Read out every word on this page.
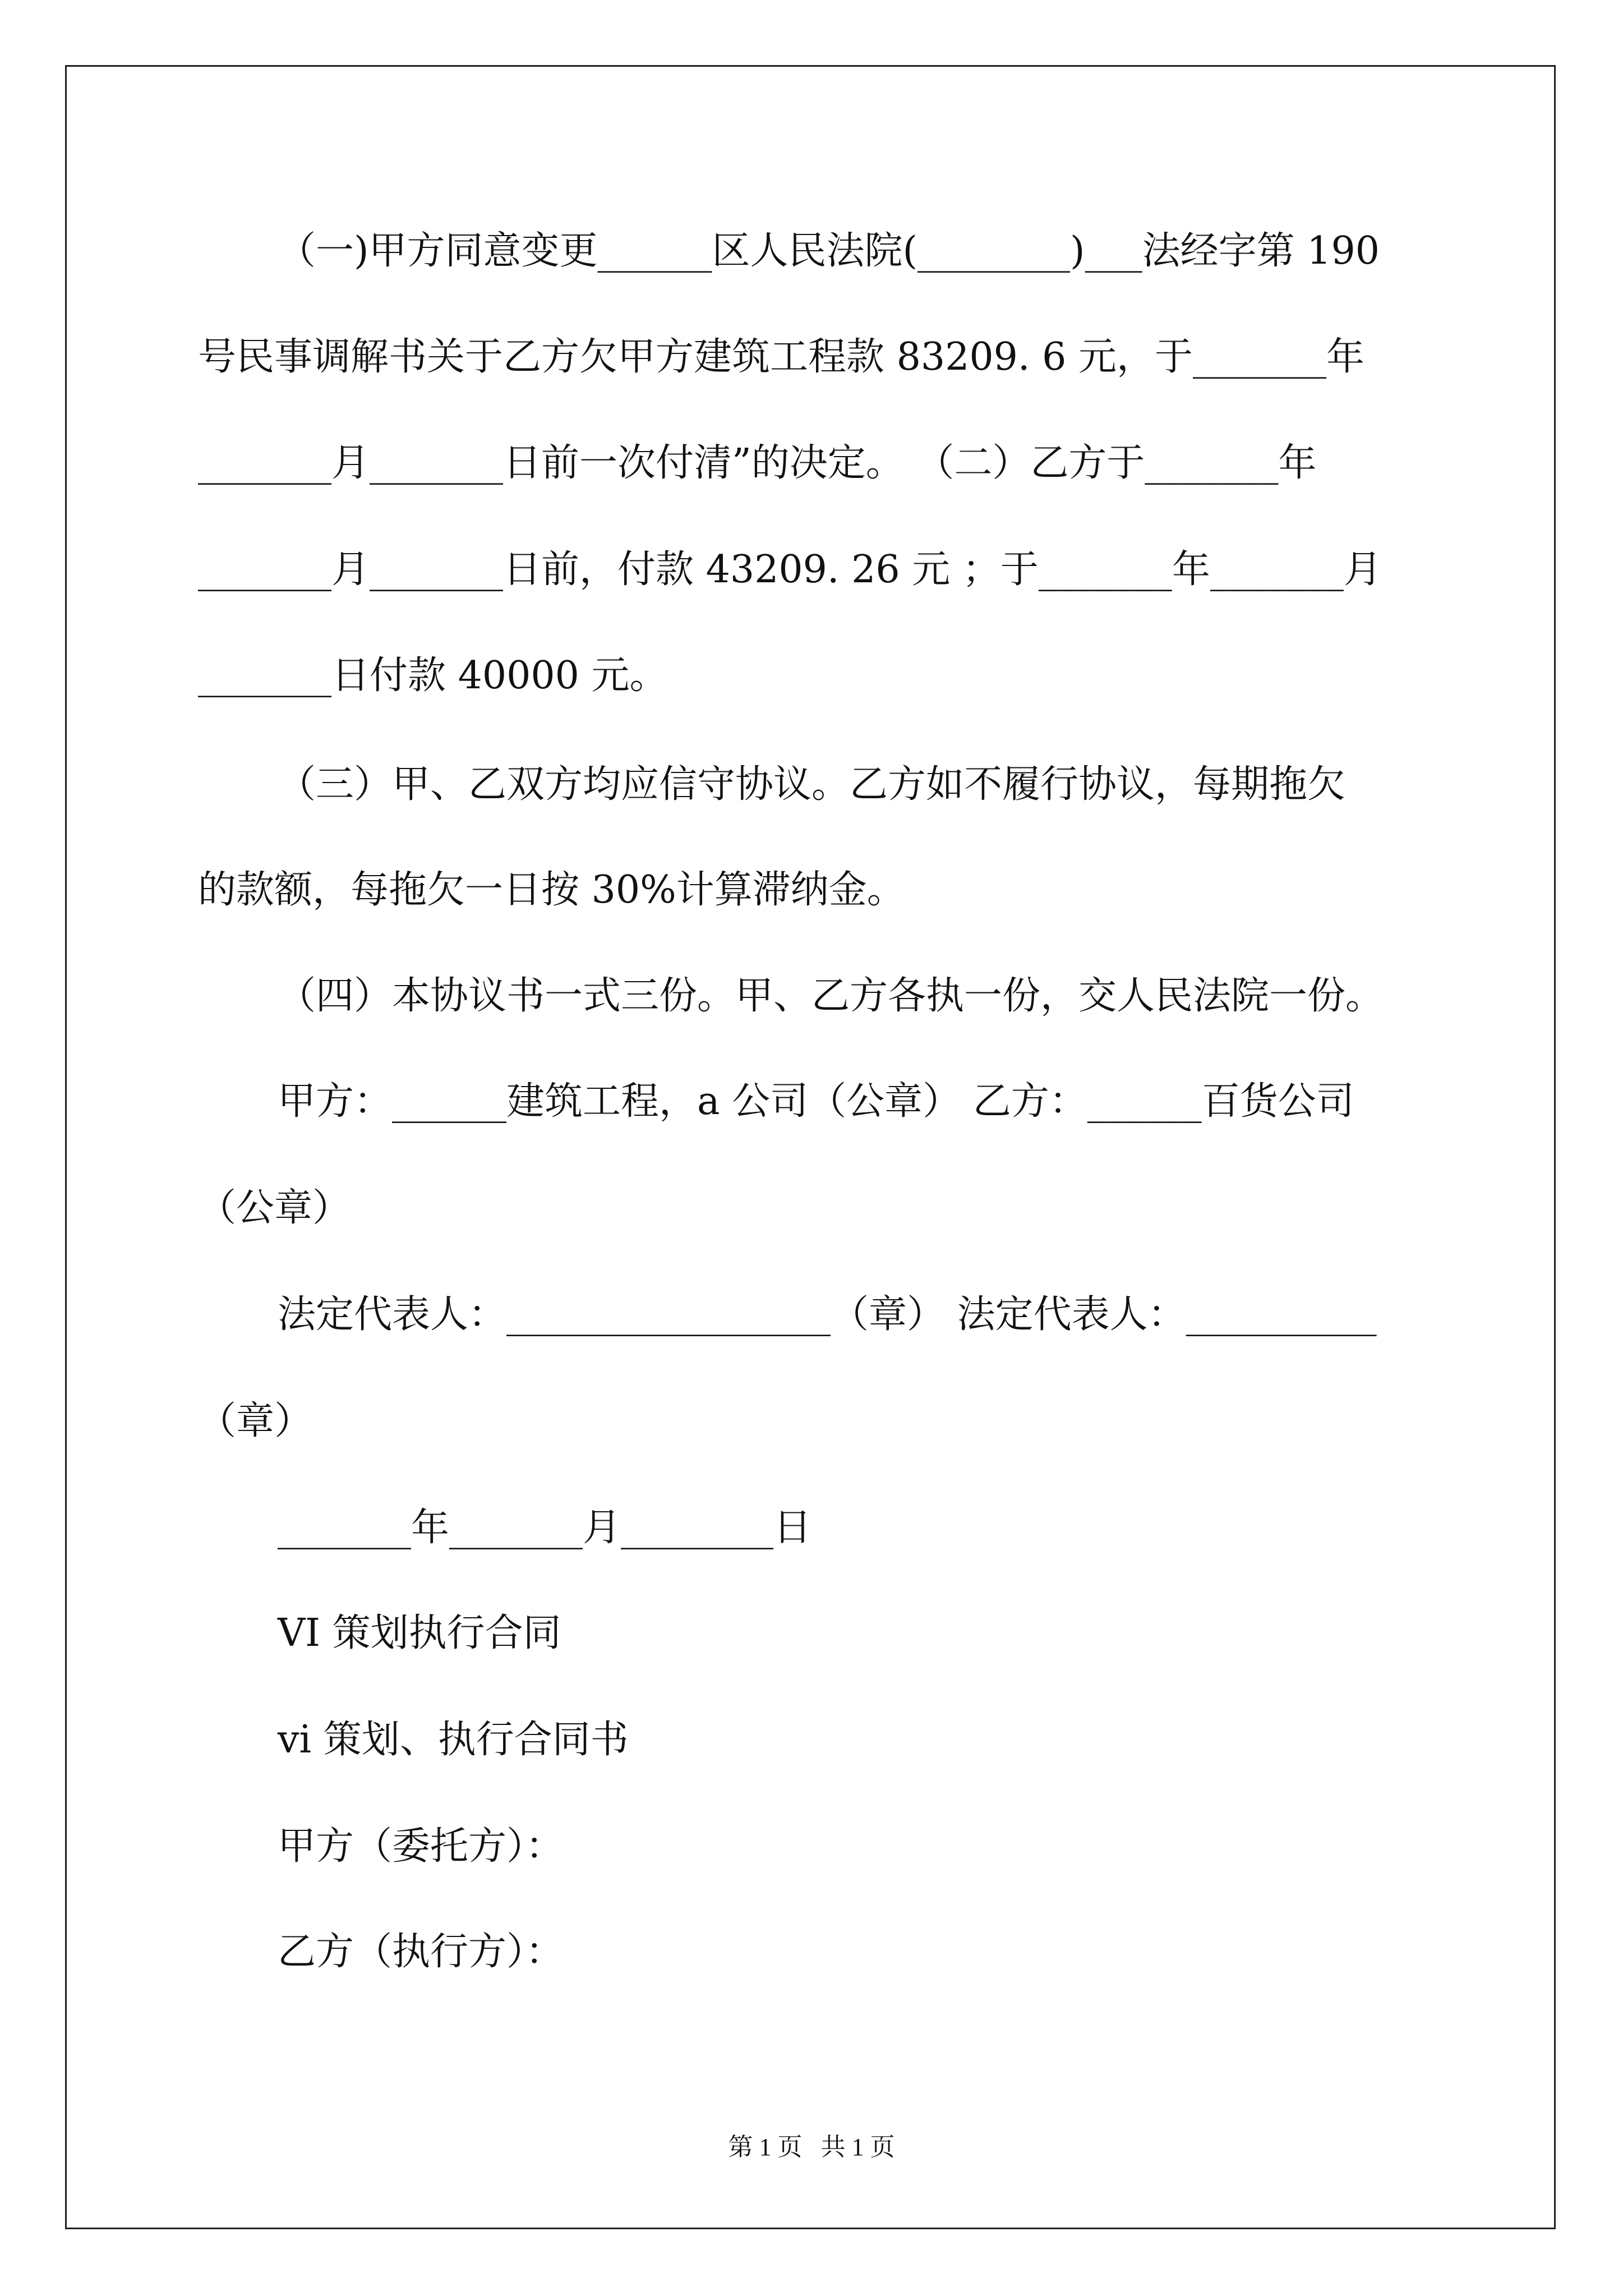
（一)甲方同意变更______区人民法院(________)___法经字第 190
号民事调解书关于乙方欠甲方建筑工程款 83209. 6 元，于_______年
_______月_______日前一次付清”的决定。 （二）乙方于_______年
_______月_______日前，付款 43209. 26 元 ；于_______年_______月
_______日付款 40000 元。
（三）甲、乙双方均应信守协议。乙方如不履行协议，每期拖欠
的款额，每拖欠一日按 30%计算滞纳金。
（四）本协议书一式三份。甲、乙方各执一份，交人民法院一份。
甲方：______建筑工程，a 公司（公章） 乙方：______百货公司
（公章）
法定代表人：_________________（章） 法定代表人：__________
（章）
_______年_______月________日
VI 策划执行合同
vi 策划、执行合同书
甲方（委托方）：
乙方（执行方）：
第 1 页   共 1 页
